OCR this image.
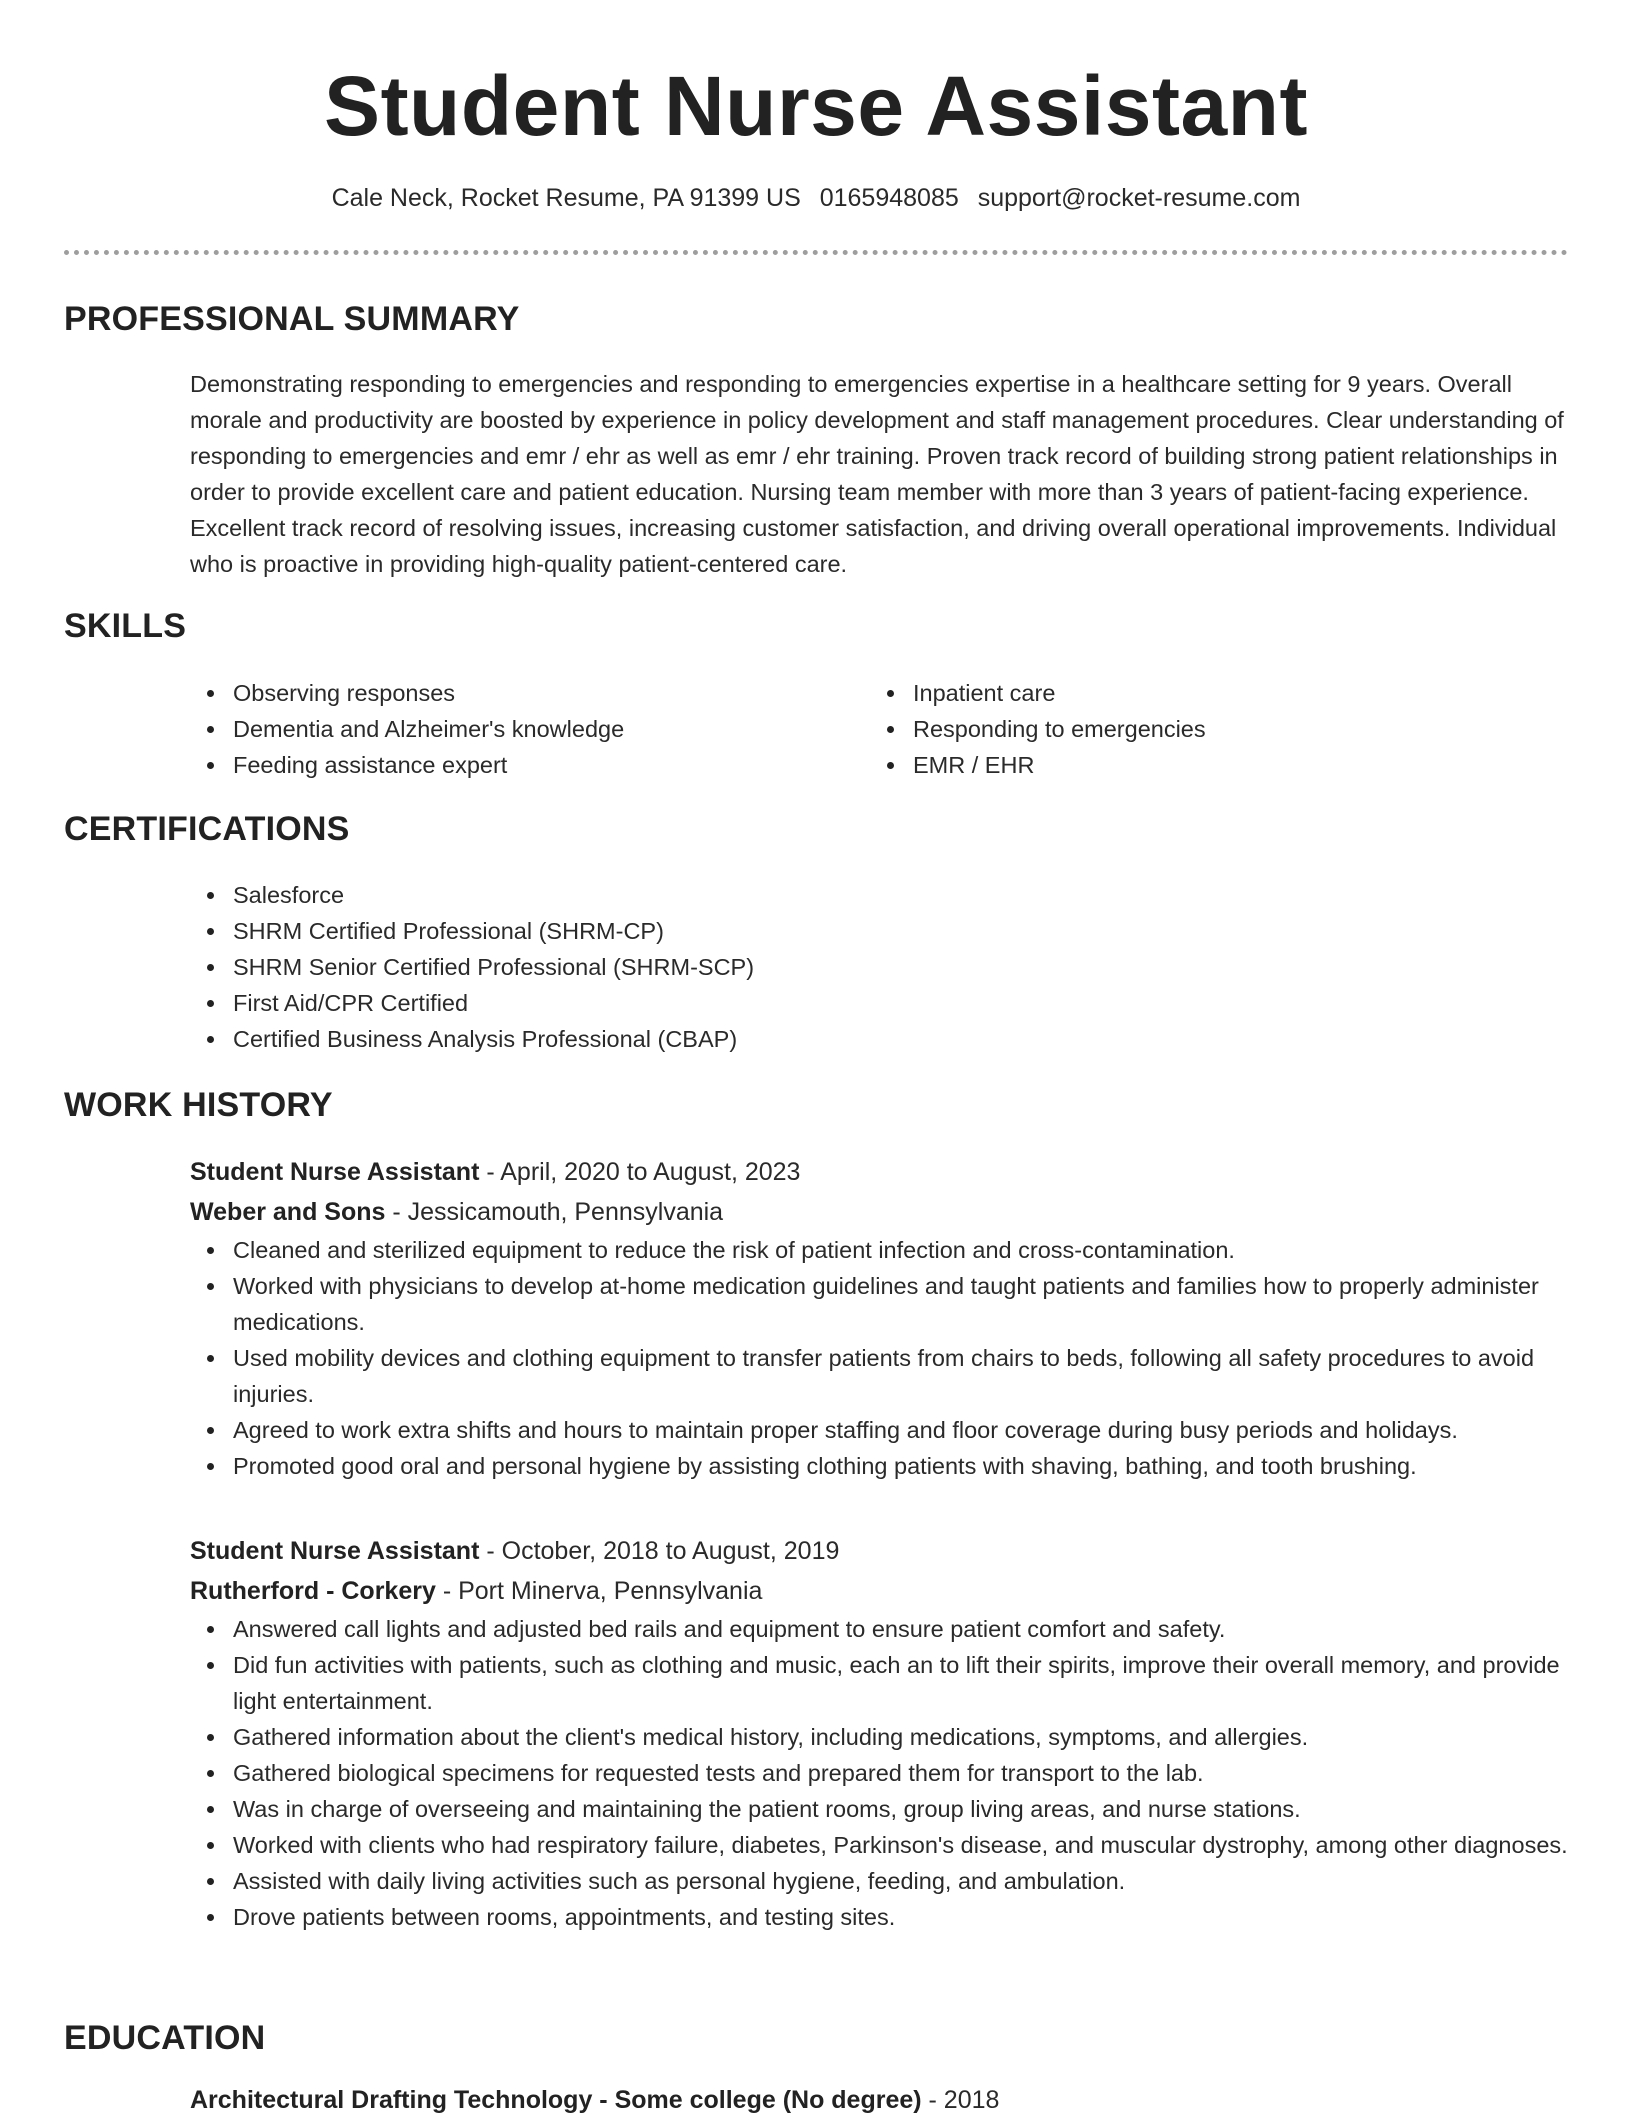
Student Nurse Assistant
Cale Neck, Rocket Resume, PA 91399 US 0165948085 support@rocket-resume.com
PROFESSIONAL SUMMARY
Demonstrating responding to emergencies and responding to emergencies expertise in a healthcare setting for 9 years. Overall morale and productivity are boosted by experience in policy development and staff management procedures. Clear understanding of responding to emergencies and emr / ehr as well as emr / ehr training. Proven track record of building strong patient relationships in order to provide excellent care and patient education. Nursing team member with more than 3 years of patient-facing experience. Excellent track record of resolving issues, increasing customer satisfaction, and driving overall operational improvements. Individual who is proactive in providing high-quality patient-centered care.
SKILLS
Observing responses
Dementia and Alzheimer's knowledge
Feeding assistance expert
Inpatient care
Responding to emergencies
EMR / EHR
CERTIFICATIONS
Salesforce
SHRM Certified Professional (SHRM-CP)
SHRM Senior Certified Professional (SHRM-SCP)
First Aid/CPR Certified
Certified Business Analysis Professional (CBAP)
WORK HISTORY
Student Nurse Assistant - April, 2020 to August, 2023
Weber and Sons - Jessicamouth, Pennsylvania
Cleaned and sterilized equipment to reduce the risk of patient infection and cross-contamination.
Worked with physicians to develop at-home medication guidelines and taught patients and families how to properly administer medications.
Used mobility devices and clothing equipment to transfer patients from chairs to beds, following all safety procedures to avoid injuries.
Agreed to work extra shifts and hours to maintain proper staffing and floor coverage during busy periods and holidays.
Promoted good oral and personal hygiene by assisting clothing patients with shaving, bathing, and tooth brushing.
Student Nurse Assistant - October, 2018 to August, 2019
Rutherford - Corkery - Port Minerva, Pennsylvania
Answered call lights and adjusted bed rails and equipment to ensure patient comfort and safety.
Did fun activities with patients, such as clothing and music, each an to lift their spirits, improve their overall memory, and provide light entertainment.
Gathered information about the client's medical history, including medications, symptoms, and allergies.
Gathered biological specimens for requested tests and prepared them for transport to the lab.
Was in charge of overseeing and maintaining the patient rooms, group living areas, and nurse stations.
Worked with clients who had respiratory failure, diabetes, Parkinson's disease, and muscular dystrophy, among other diagnoses.
Assisted with daily living activities such as personal hygiene, feeding, and ambulation.
Drove patients between rooms, appointments, and testing sites.
EDUCATION
Architectural Drafting Technology - Some college (No degree) - 2018
